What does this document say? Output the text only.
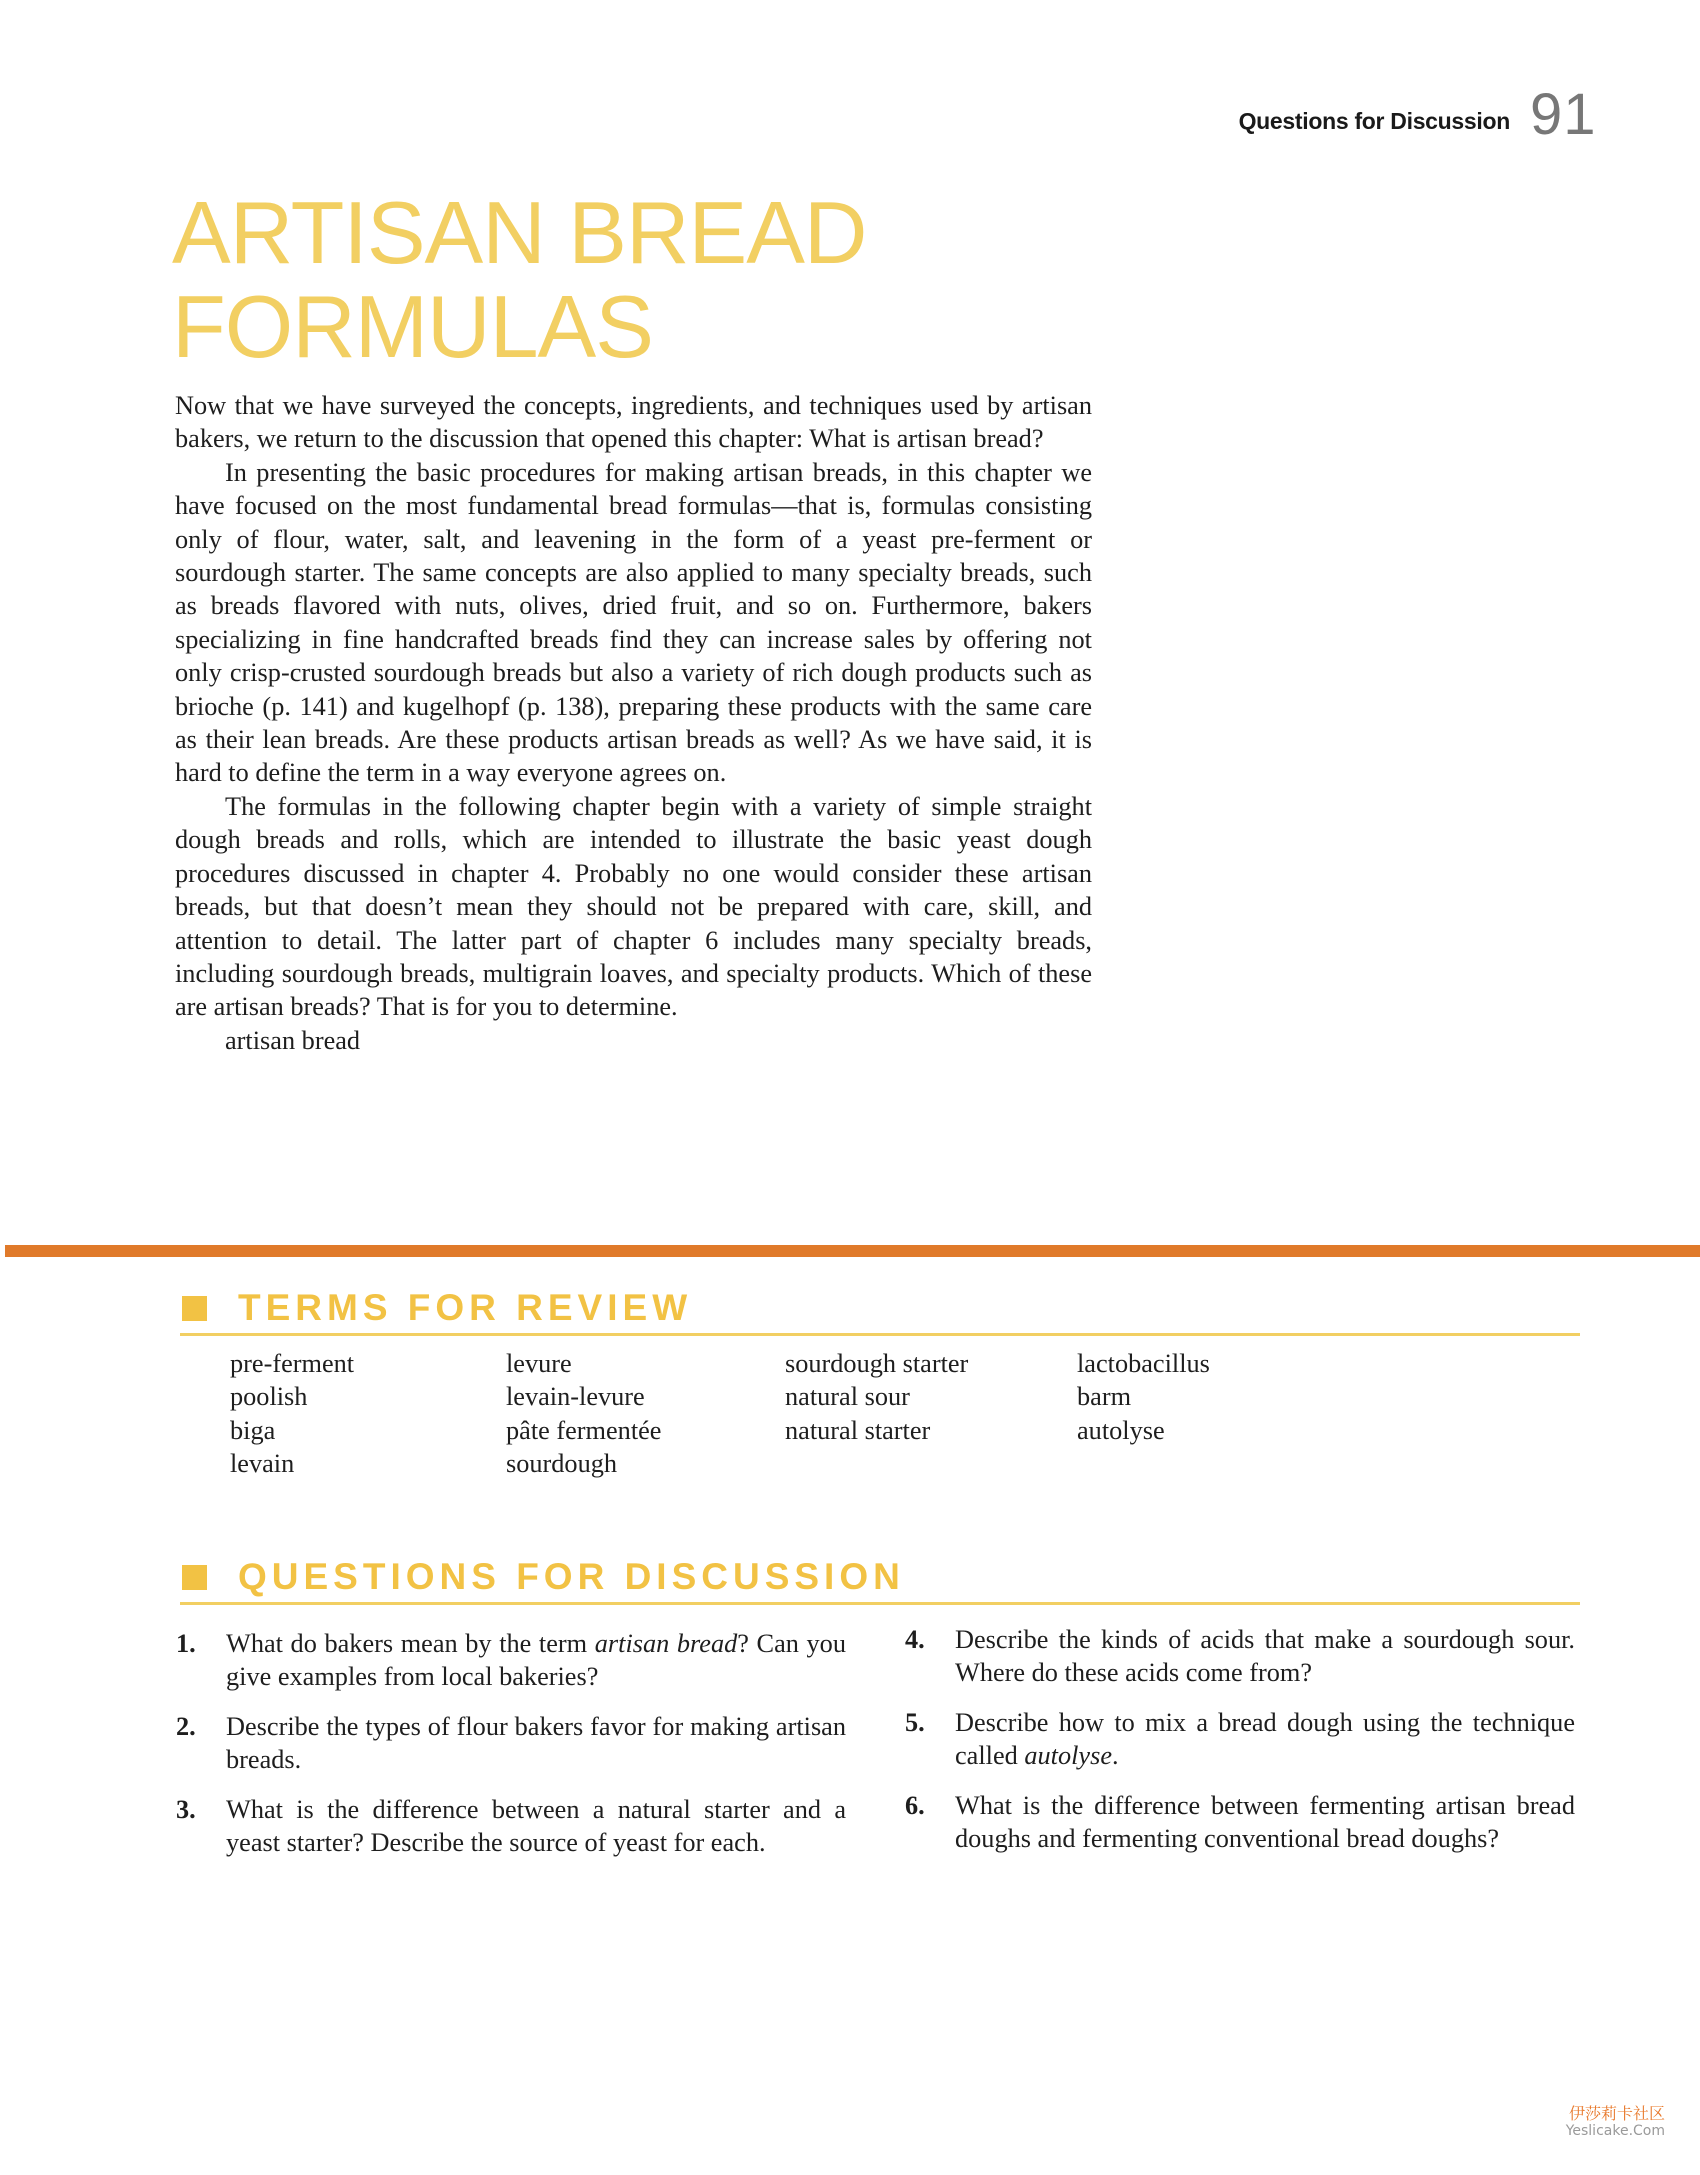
Questions for Discussion 91
ARTISAN BREAD
FORMULAS

Now that we have surveyed the concepts, ingredients, and techniques used by artisan bakers, we return to the discussion that opened this chapter: What is artisan bread?

In presenting the basic procedures for making artisan breads, in this chapter we have focused on the most fundamental bread formulas—that is, formulas consisting only of flour, water, salt, and leavening in the form of a yeast pre-ferment or sourdough starter. The same concepts are also applied to many specialty breads, such as breads flavored with nuts, olives, dried fruit, and so on. Furthermore, bakers specializing in fine handcrafted breads find they can increase sales by offering not only crisp-crusted sourdough breads but also a variety of rich dough products such as brioche (p. 141) and kugelhopf (p. 138), preparing these products with the same care as their lean breads. Are these products artisan breads as well? As we have said, it is hard to define the term in a way everyone agrees on.

The formulas in the following chapter begin with a variety of simple straight dough breads and rolls, which are intended to illustrate the basic yeast dough procedures discussed in chapter 4. Probably no one would consider these artisan breads, but that doesn’t mean they should not be prepared with care, skill, and attention to detail. The latter part of chapter 6 includes many specialty breads, including sourdough breads, multigrain loaves, and specialty products. Which of these are artisan breads? That is for you to determine.

artisan bread
TERMS FOR REVIEW
pre-ferment
poolish
biga
levain
levure
levain-levure
pâte fermentée
sourdough
sourdough starter
natural sour
natural starter
lactobacillus
barm
autolyse
QUESTIONS FOR DISCUSSION
1. What do bakers mean by the term artisan bread? Can you give examples from local bakeries?
2. Describe the types of flour bakers favor for making artisan breads.
3. What is the difference between a natural starter and a yeast starter? Describe the source of yeast for each.
4. Describe the kinds of acids that make a sourdough sour. Where do these acids come from?
5. Describe how to mix a bread dough using the technique called autolyse.
6. What is the difference between fermenting artisan bread doughs and fermenting conventional bread doughs?
伊莎莉卡社区
Yeslicake.Com
